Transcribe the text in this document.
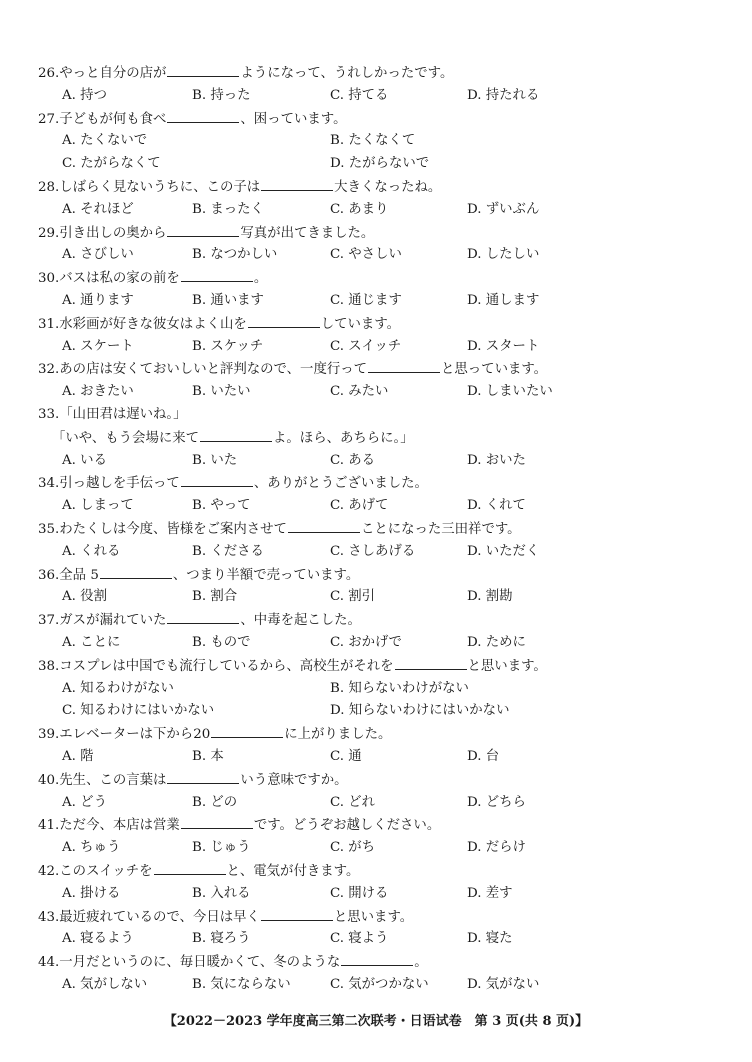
26.やっと自分の店が	ようになって、うれしかったです。
A. 持つ	B. 持った	C. 持てる	D. 持たれる
27.子どもが何も食べ	、困っています。
A. たくないで	B. たくなくて
C. たがらなくて	D. たがらないで
28.しばらく見ないうちに、この子は	大きくなったね。
A. それほど	B. まったく	C. あまり	D. ずいぶん
29.引き出しの奥から	写真が出てきました。
A. さびしい	B. なつかしい	C. やさしい	D. したしい
30.バスは私の家の前を	。
A. 通ります	B. 通います	C. 通じます	D. 通します
31.水彩画が好きな彼女はよく山を	しています。
A. スケート	B. スケッチ	C. スイッチ	D. スタート
32.あの店は安くておいしいと評判なので、一度行って	と思っています。
A. おきたい	B. いたい	C. みたい	D. しまいたい
33.「山田君は遅いね。」
「いや、もう会場に来て	よ。ほら、あちらに。」
A. いる	B. いた	C. ある	D. おいた
34.引っ越しを手伝って	、ありがとうございました。
A. しまって	B. やって	C. あげて	D. くれて
35.わたくしは今度、皆様をご案内させて	ことになった三田祥です。
A. くれる	B. くださる	C. さしあげる	D. いただく
36.全品 5	、つまり半額で売っています。
A. 役割	B. 割合	C. 割引	D. 割勘
37.ガスが漏れていた	、中毒を起こした。
A. ことに	B. もので	C. おかげで	D. ために
38.コスプレは中国でも流行しているから、高校生がそれを	と思います。
A. 知るわけがない	B. 知らないわけがない
C. 知るわけにはいかない	D. 知らないわけにはいかない
39.エレベーターは下から20	に上がりました。
A. 階	B. 本	C. 通	D. 台
40.先生、この言葉は	いう意味ですか。
A. どう	B. どの	C. どれ	D. どちら
41.ただ今、本店は営業	です。どうぞお越しください。
A. ちゅう	B. じゅう	C. がち	D. だらけ
42.このスイッチを	と、電気が付きます。
A. 掛ける	B. 入れる	C. 開ける	D. 差す
43.最近疲れているので、今日は早く	と思います。
A. 寝るよう	B. 寝ろう	C. 寝よう	D. 寝た
44.一月だというのに、毎日暖かくて、冬のような	。
A. 気がしない	B. 気にならない	C. 気がつかない	D. 気がない
【2022－2023 学年度高三第二次联考・日语试卷　第 3 页(共 8 页)】
